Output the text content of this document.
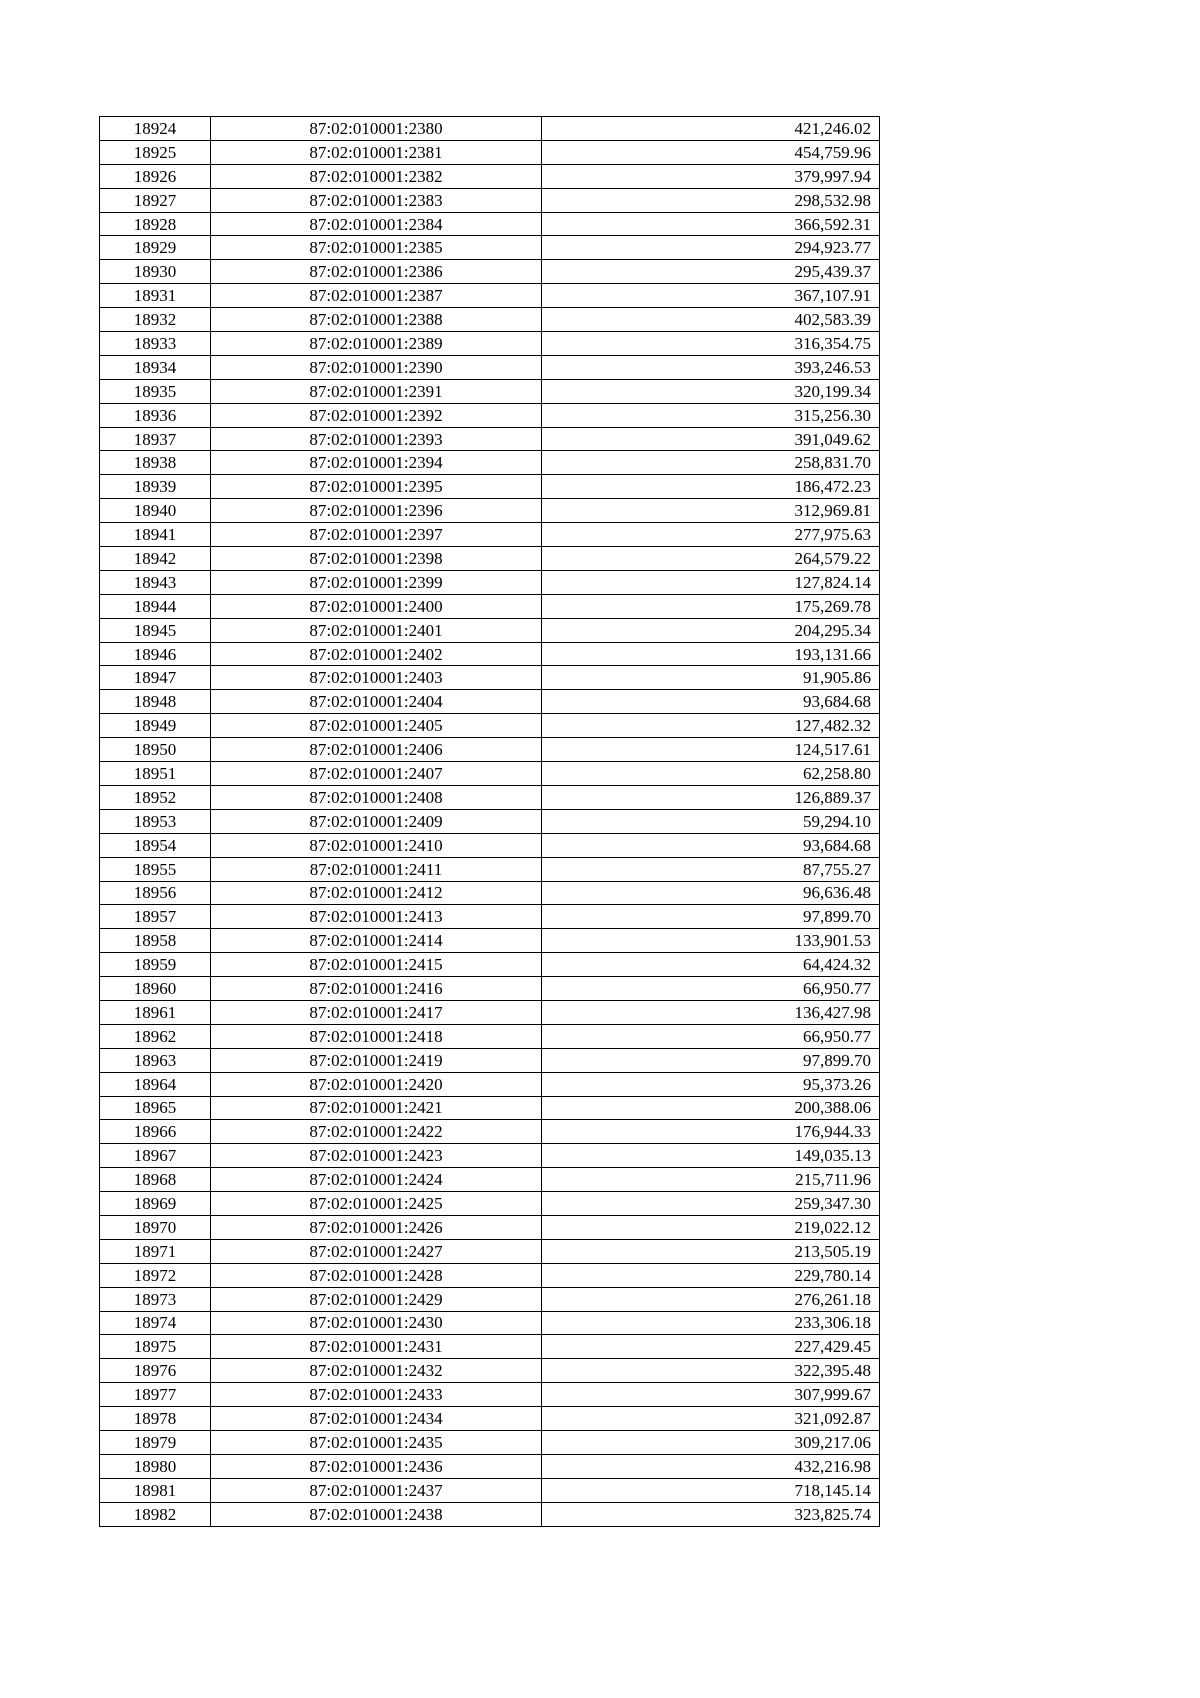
18924	87:02:010001:2380	421,246.02
18925	87:02:010001:2381	454,759.96
18926	87:02:010001:2382	379,997.94
18927	87:02:010001:2383	298,532.98
18928	87:02:010001:2384	366,592.31
18929	87:02:010001:2385	294,923.77
18930	87:02:010001:2386	295,439.37
18931	87:02:010001:2387	367,107.91
18932	87:02:010001:2388	402,583.39
18933	87:02:010001:2389	316,354.75
18934	87:02:010001:2390	393,246.53
18935	87:02:010001:2391	320,199.34
18936	87:02:010001:2392	315,256.30
18937	87:02:010001:2393	391,049.62
18938	87:02:010001:2394	258,831.70
18939	87:02:010001:2395	186,472.23
18940	87:02:010001:2396	312,969.81
18941	87:02:010001:2397	277,975.63
18942	87:02:010001:2398	264,579.22
18943	87:02:010001:2399	127,824.14
18944	87:02:010001:2400	175,269.78
18945	87:02:010001:2401	204,295.34
18946	87:02:010001:2402	193,131.66
18947	87:02:010001:2403	91,905.86
18948	87:02:010001:2404	93,684.68
18949	87:02:010001:2405	127,482.32
18950	87:02:010001:2406	124,517.61
18951	87:02:010001:2407	62,258.80
18952	87:02:010001:2408	126,889.37
18953	87:02:010001:2409	59,294.10
18954	87:02:010001:2410	93,684.68
18955	87:02:010001:2411	87,755.27
18956	87:02:010001:2412	96,636.48
18957	87:02:010001:2413	97,899.70
18958	87:02:010001:2414	133,901.53
18959	87:02:010001:2415	64,424.32
18960	87:02:010001:2416	66,950.77
18961	87:02:010001:2417	136,427.98
18962	87:02:010001:2418	66,950.77
18963	87:02:010001:2419	97,899.70
18964	87:02:010001:2420	95,373.26
18965	87:02:010001:2421	200,388.06
18966	87:02:010001:2422	176,944.33
18967	87:02:010001:2423	149,035.13
18968	87:02:010001:2424	215,711.96
18969	87:02:010001:2425	259,347.30
18970	87:02:010001:2426	219,022.12
18971	87:02:010001:2427	213,505.19
18972	87:02:010001:2428	229,780.14
18973	87:02:010001:2429	276,261.18
18974	87:02:010001:2430	233,306.18
18975	87:02:010001:2431	227,429.45
18976	87:02:010001:2432	322,395.48
18977	87:02:010001:2433	307,999.67
18978	87:02:010001:2434	321,092.87
18979	87:02:010001:2435	309,217.06
18980	87:02:010001:2436	432,216.98
18981	87:02:010001:2437	718,145.14
18982	87:02:010001:2438	323,825.74
